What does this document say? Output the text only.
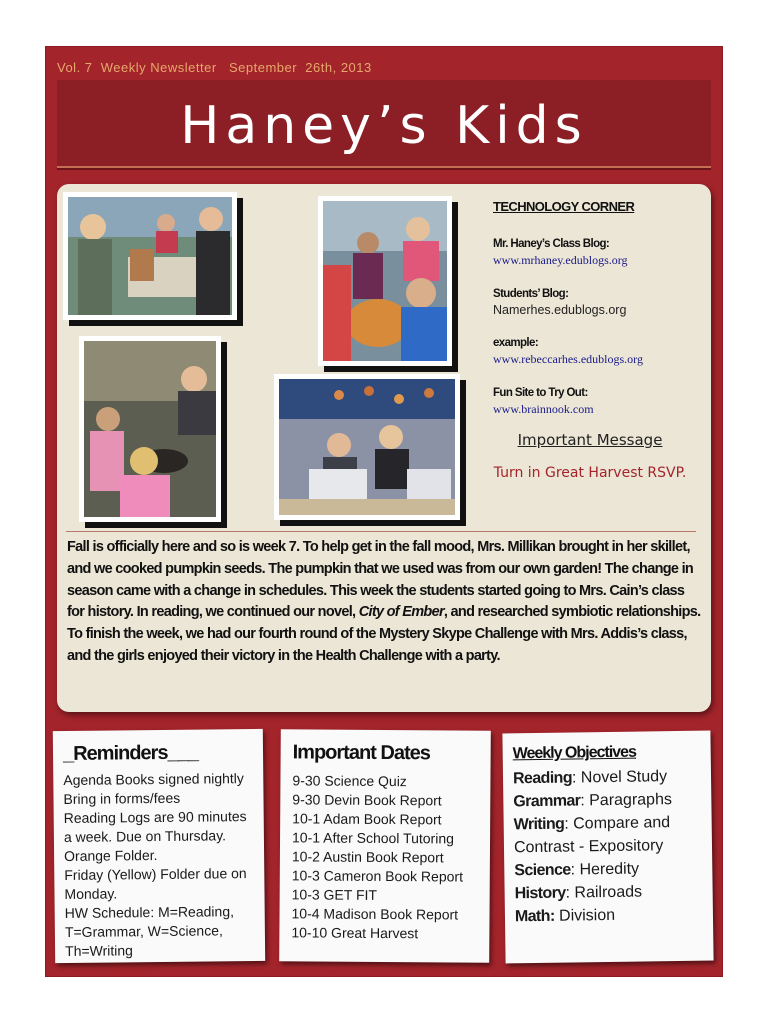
Vol. 7  Weekly Newsletter   September  26th, 2013
Haney’s Kids
TECHNOLOGY CORNER
Mr. Haney’s Class Blog:
www.mrhaney.edublogs.org
Students’ Blog:
Namerhes.edublogs.org
example:
www.rebeccarhes.edublogs.org
Fun Site to Try Out:
www.brainnook.com
Important Message
Turn in Great Harvest RSVP.
Fall is officially here and so is week 7. To help get in the fall mood, Mrs. Millikan brought in her skillet, and we cooked pumpkin seeds. The pumpkin that we used was from our own garden! The change in season came with a change in schedules. This week the students started going to Mrs. Cain’s class for history. In reading, we continued our novel, City of Ember, and researched symbiotic relationships. To finish the week, we had our fourth round of the Mystery Skype Challenge with Mrs. Addis’s class, and the girls enjoyed their victory in the Health Challenge with a party.
_Reminders___
Agenda Books signed nightly
Bring in forms/fees
Reading Logs are 90 minutes
a week. Due on Thursday.
Orange Folder.
Friday (Yellow) Folder due on
Monday.
HW Schedule: M=Reading,
T=Grammar, W=Science,
Th=Writing
Important Dates
9-30 Science Quiz
9-30 Devin Book Report
10-1 Adam Book Report
10-1 After School Tutoring
10-2 Austin Book Report
10-3 Cameron Book Report
10-3 GET FIT
10-4 Madison Book Report
10-10 Great Harvest
Weekly Objectives
Reading: Novel Study
Grammar: Paragraphs
Writing: Compare and
Contrast - Expository
Science: Heredity
History: Railroads
Math: Division
